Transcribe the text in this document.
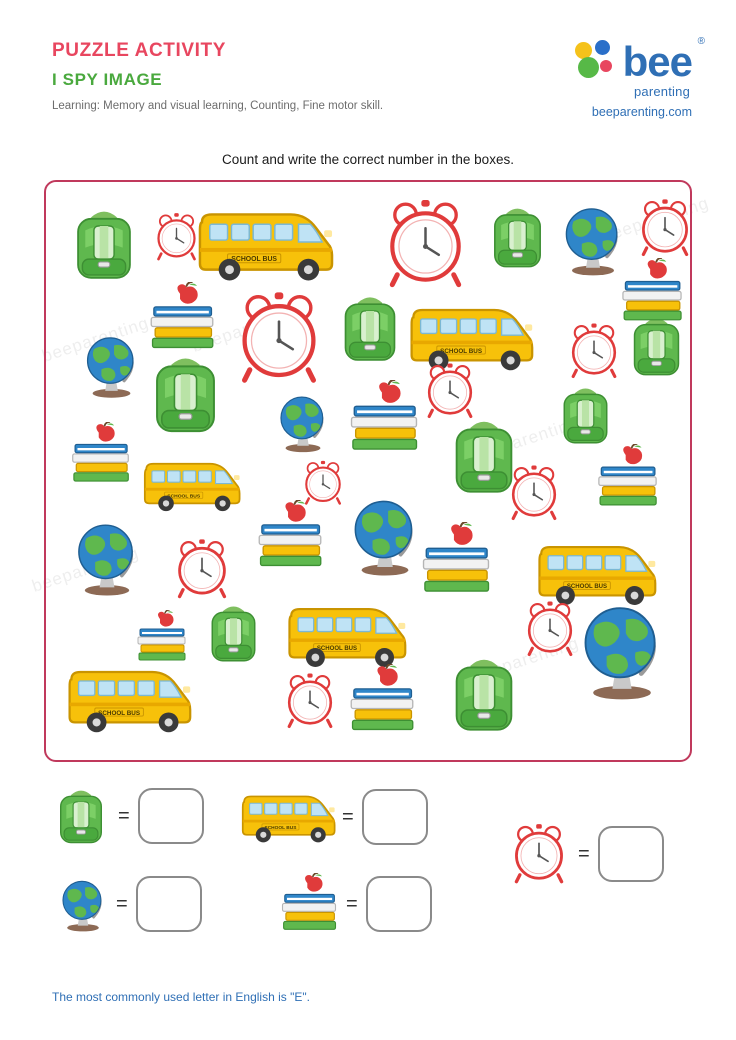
beeparenting
beeparenting
beeparenting

PUZZLE ACTIVITY

I SPY IMAGE

Learning: Memory and visual learning, Counting, Fine motor skill.

bee ®
parenting
beeparenting.com
Count and write the correct number in the boxes.
=	=
=
=	=
The most commonly used letter in English is "E".
